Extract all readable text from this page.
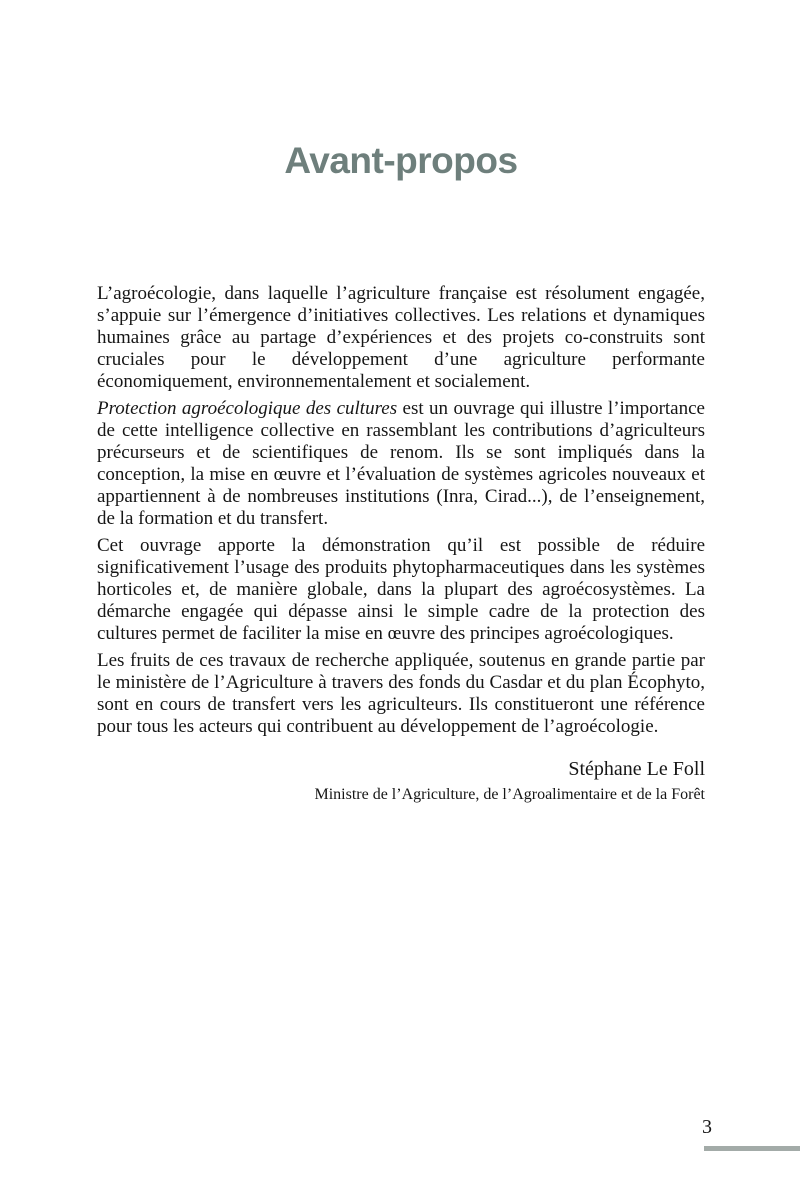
Avant-propos

L’agroécologie, dans laquelle l’agriculture française est résolument engagée, s’appuie sur l’émergence d’initiatives collectives. Les relations et dynamiques humaines grâce au partage d’expériences et des projets co-construits sont cruciales pour le développement d’une agriculture performante économiquement, environnementalement et socialement.

Protection agroécologique des cultures est un ouvrage qui illustre l’importance de cette intelligence collective en rassemblant les contributions d’agriculteurs précurseurs et de scientifiques de renom. Ils se sont impliqués dans la conception, la mise en œuvre et l’évaluation de systèmes agricoles nouveaux et appartiennent à de nombreuses institutions (Inra, Cirad...), de l’enseignement, de la formation et du transfert.

Cet ouvrage apporte la démonstration qu’il est possible de réduire significativement l’usage des produits phytopharmaceutiques dans les systèmes horticoles et, de manière globale, dans la plupart des agroécosystèmes. La démarche engagée qui dépasse ainsi le simple cadre de la protection des cultures permet de faciliter la mise en œuvre des principes agroécologiques.

Les fruits de ces travaux de recherche appliquée, soutenus en grande partie par le ministère de l’Agriculture à travers des fonds du Casdar et du plan Écophyto, sont en cours de transfert vers les agriculteurs. Ils constitueront une référence pour tous les acteurs qui contribuent au développement de l’agroécologie.

Stéphane Le Foll
Ministre de l’Agriculture, de l’Agroalimentaire et de la Forêt
3
